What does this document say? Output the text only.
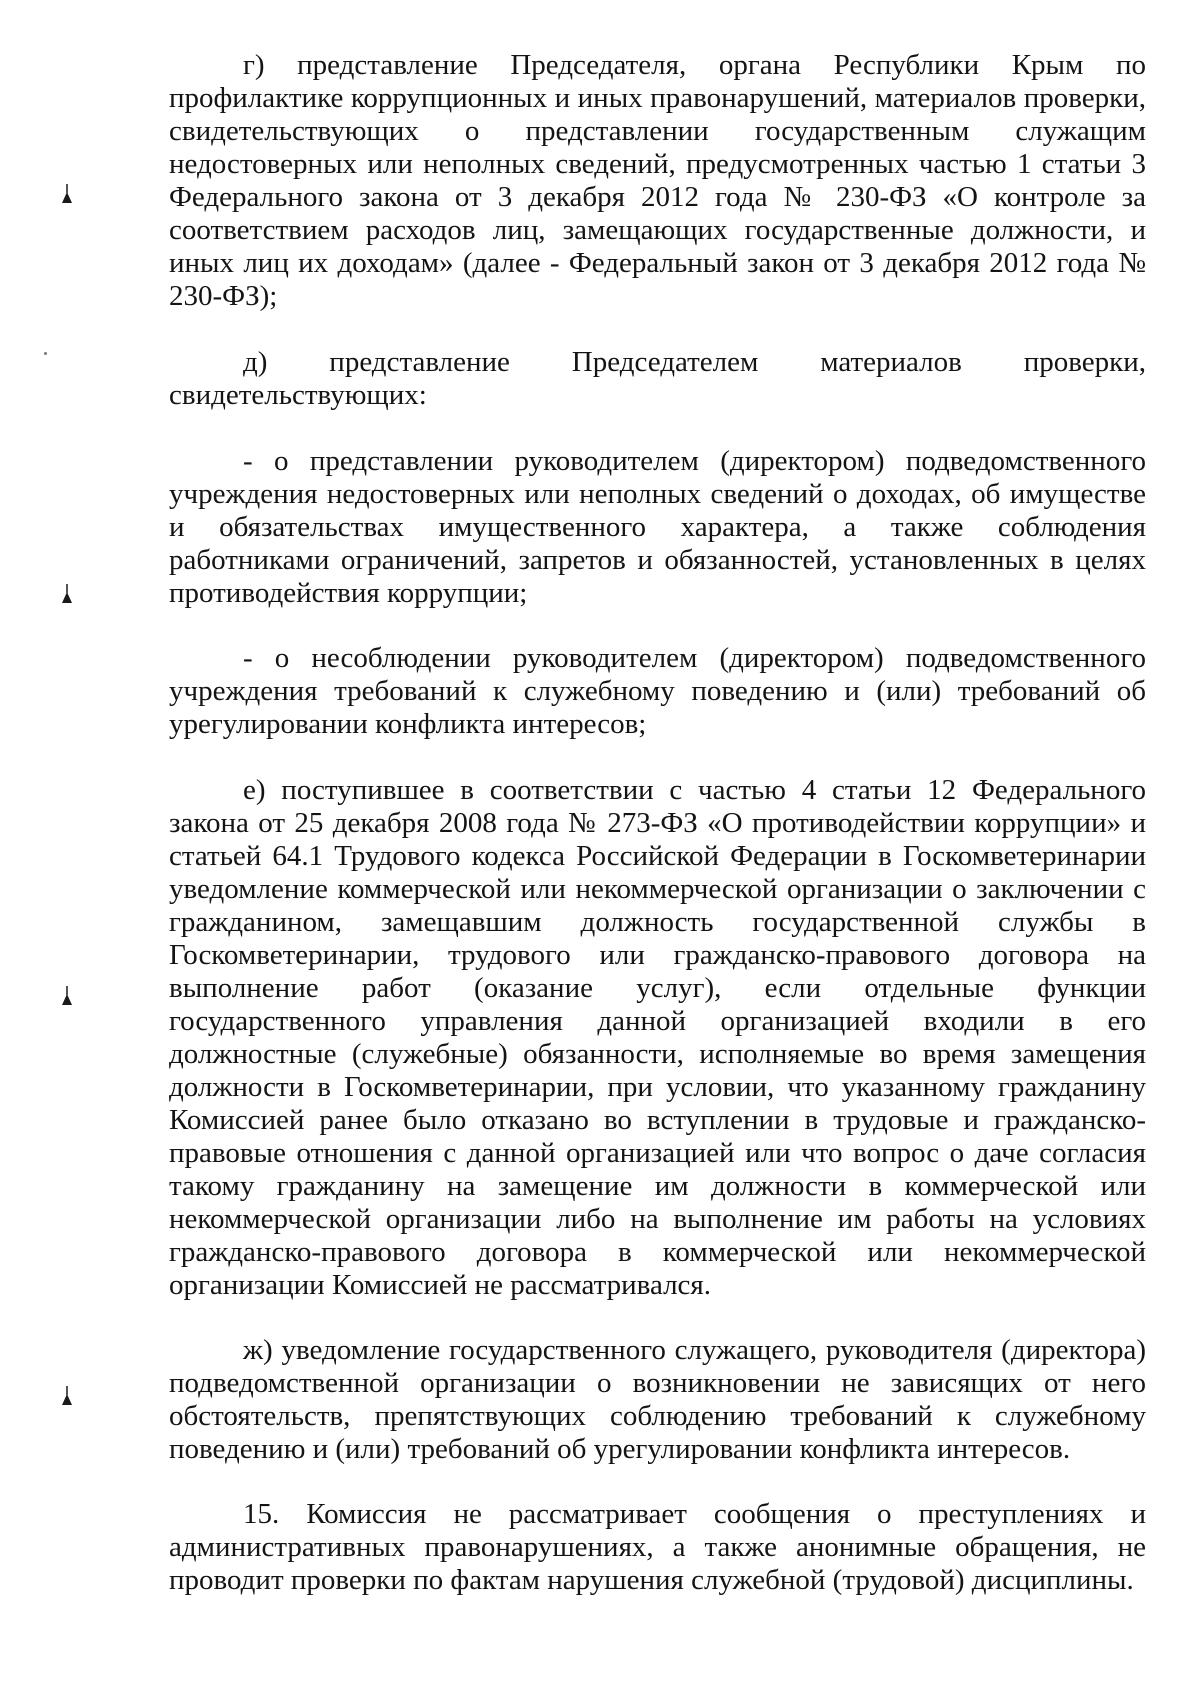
г) представление Председателя, органа Республики Крым по профилактике коррупционных и иных правонарушений, материалов проверки, свидетельствующих о представлении государственным служащим недостоверных или неполных сведений, предусмотренных частью 1 статьи 3 Федерального закона от 3 декабря 2012 года № 230-ФЗ «О контроле за соответствием расходов лиц, замещающих государственные должности, и иных лиц их доходам» (далее - Федеральный закон от 3 декабря 2012 года № 230-ФЗ);

д) представление Председателем материалов проверки, свидетельствующих:

- о представлении руководителем (директором) подведомственного учреждения недостоверных или неполных сведений о доходах, об имуществе и обязательствах имущественного характера, а также соблюдения работниками ограничений, запретов и обязанностей, установленных в целях противодействия коррупции;

- о несоблюдении руководителем (директором) подведомственного учреждения требований к служебному поведению и (или) требований об урегулировании конфликта интересов;

е) поступившее в соответствии с частью 4 статьи 12 Федерального закона от 25 декабря 2008 года № 273-ФЗ «О противодействии коррупции» и статьей 64.1 Трудового кодекса Российской Федерации в Госкомветеринарии уведомление коммерческой или некоммерческой организации о заключении с гражданином, замещавшим должность государственной службы в Госкомветеринарии, трудового или гражданско-правового договора на выполнение работ (оказание услуг), если отдельные функции государственного управления данной организацией входили в его должностные (служебные) обязанности, исполняемые во время замещения должности в Госкомветеринарии, при условии, что указанному гражданину Комиссией ранее было отказано во вступлении в трудовые и гражданско-правовые отношения с данной организацией или что вопрос о даче согласия такому гражданину на замещение им должности в коммерческой или некоммерческой организации либо на выполнение им работы на условиях гражданско-правового договора в коммерческой или некоммерческой организации Комиссией не рассматривался.

ж) уведомление государственного служащего, руководителя (директора) подведомственной организации о возникновении не зависящих от него обстоятельств, препятствующих соблюдению требований к служебному поведению и (или) требований об урегулировании конфликта интересов.

15. Комиссия не рассматривает сообщения о преступлениях и административных правонарушениях, а также анонимные обращения, не проводит проверки по фактам нарушения служебной (трудовой) дисциплины.
